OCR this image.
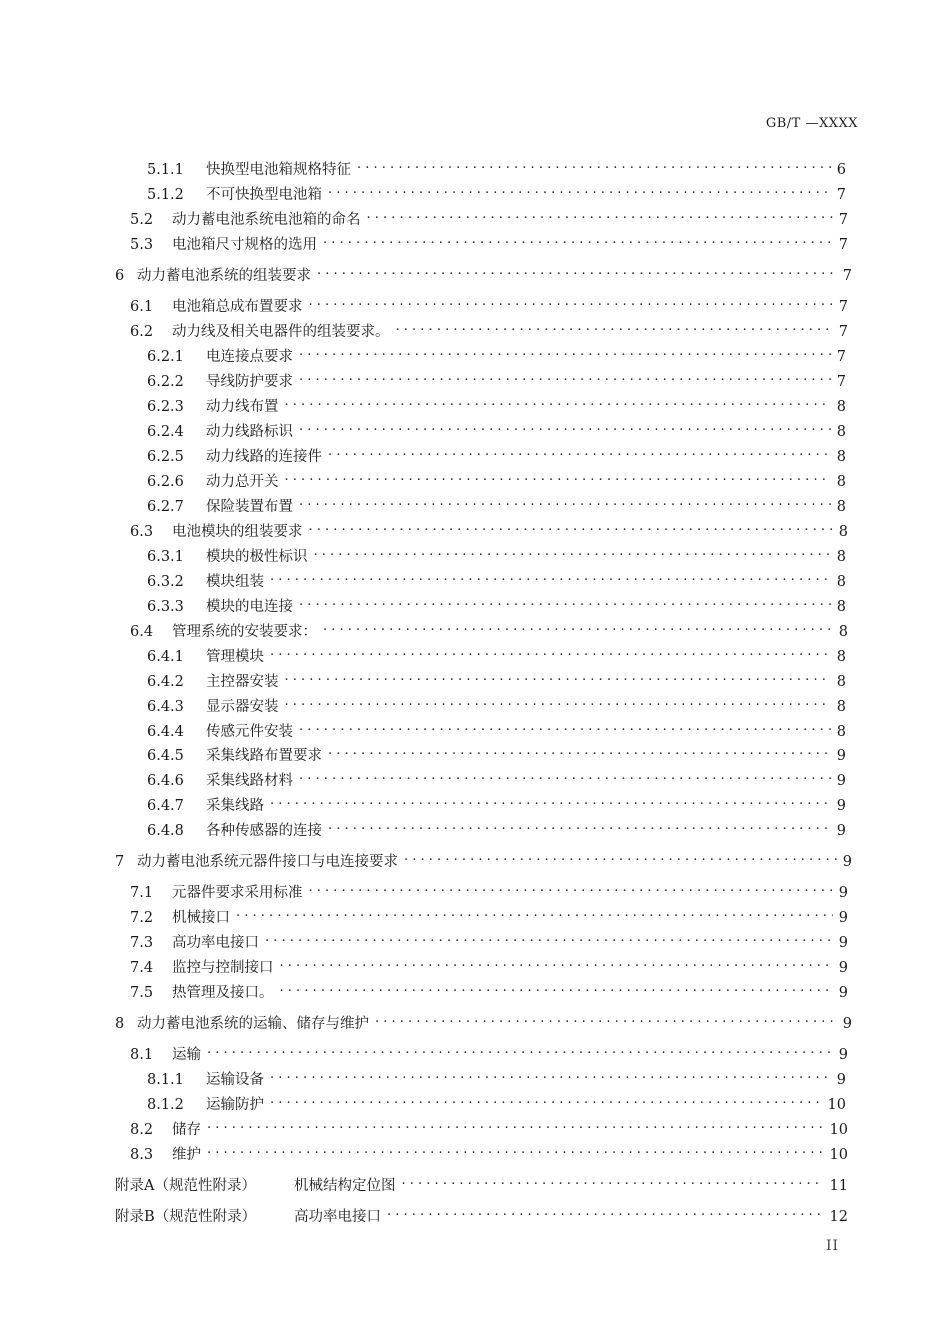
GB/T —XXXX
5.1.1	快换型电池箱规格特征 . . .	6
5.1.2	不可快换型电池箱 . . .	7
5.2	动力蓄电池系统电池箱的命名 . . .	7
5.3	电池箱尺寸规格的选用 . . .	7
6 动力蓄电池系统的组装要求 . . .	7
6.1	电池箱总成布置要求 . . .	7
6.2	动力线及相关电器件的组装要求。 . . .	7
6.2.1	电连接点要求 . . .	7
6.2.2	导线防护要求 . . .	7
6.2.3	动力线布置 . . .	8
6.2.4	动力线路标识 . . .	8
6.2.5	动力线路的连接件 . . .	8
6.2.6	动力总开关 . . .	8
6.2.7	保险装置布置 . . .	8
6.3	电池模块的组装要求 . . .	8
6.3.1	模块的极性标识 . . .	8
6.3.2	模块组装 . . .	8
6.3.3	模块的电连接 . . .	8
6.4	管理系统的安装要求： . . .	8
6.4.1	管理模块 . . .	8
6.4.2	主控器安装 . . .	8
6.4.3	显示器安装 . . .	8
6.4.4	传感元件安装 . . .	8
6.4.5	采集线路布置要求 . . .	9
6.4.6	采集线路材料 . . .	9
6.4.7	采集线路 . . .	9
6.4.8	各种传感器的连接 . . .	9
7 动力蓄电池系统元器件接口与电连接要求 . . .	9
7.1	元器件要求采用标准 . . .	9
7.2	机械接口 . . .	9
7.3	高功率电接口 . . .	9
7.4	监控与控制接口 . . .	9
7.5	热管理及接口。 . . .	9
8 动力蓄电池系统的运输、储存与维护 . . .	9
8.1	运输 . . .	9
8.1.1	运输设备 . . .	9
8.1.2	运输防护 . . .	10
8.2	储存 . . .	10
8.3	维护 . . .	10
附录A（规范性附录）	机械结构定位图 . . .	11
附录B（规范性附录）	高功率电接口 . . .	12
II
